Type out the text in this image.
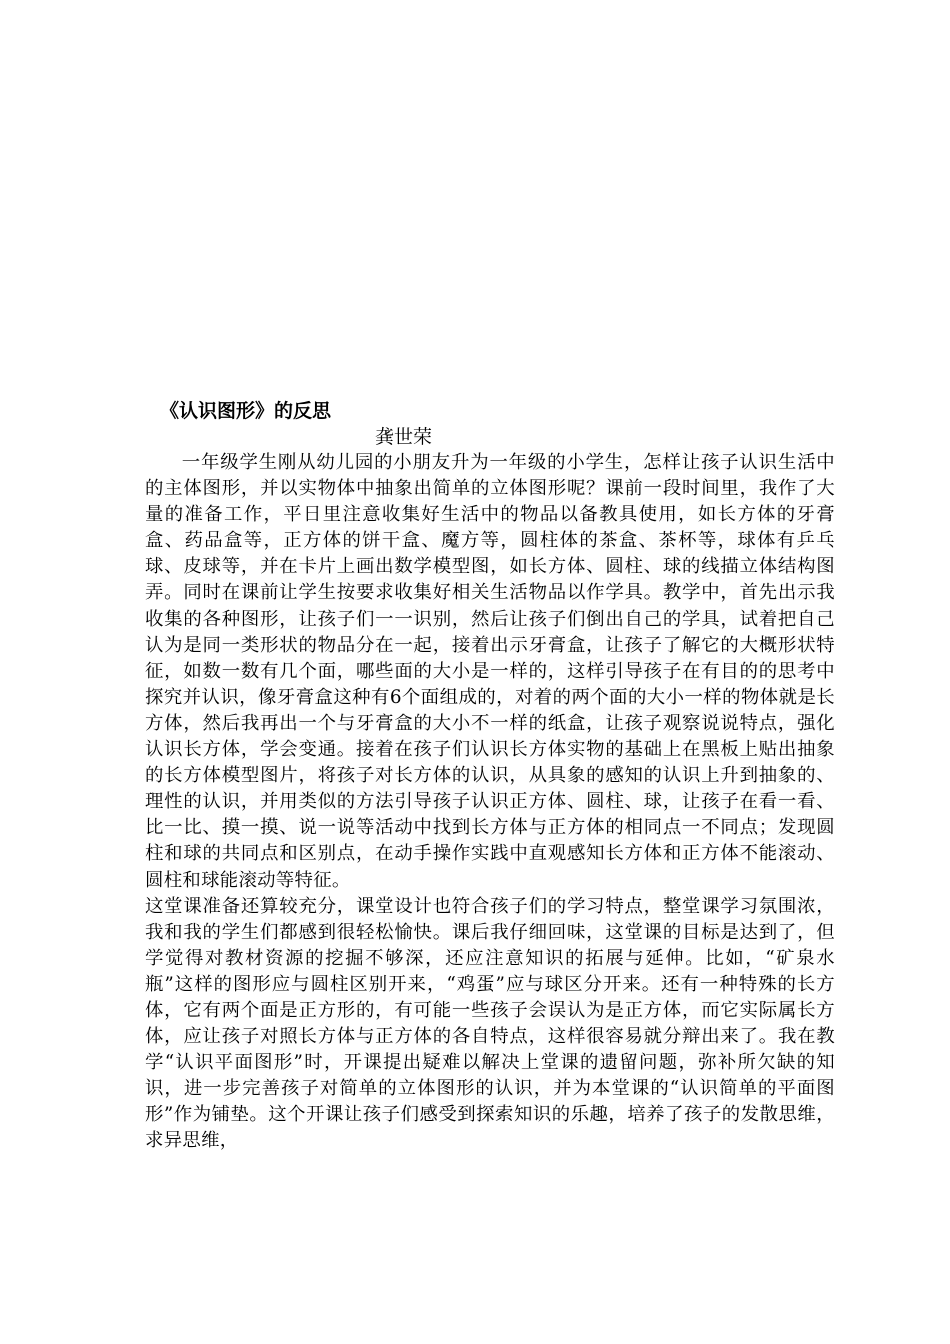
《认识图形》的反思
龚世荣

一年级学生刚从幼儿园的小朋友升为一年级的小学生，怎样让孩子认识生活中的主体图形，并以实物体中抽象出简单的立体图形呢？课前一段时间里，我作了大量的准备工作，平日里注意收集好生活中的物品以备教具使用，如长方体的牙膏盒、药品盒等，正方体的饼干盒、魔方等，圆柱体的茶盒、茶杯等，球体有乒乓球、皮球等，并在卡片上画出数学模型图，如长方体、圆柱、球的线描立体结构图弄。同时在课前让学生按要求收集好相关生活物品以作学具。教学中，首先出示我收集的各种图形，让孩子们一一识别，然后让孩子们倒出自己的学具，试着把自己认为是同一类形状的物品分在一起，接着出示牙膏盒，让孩子了解它的大概形状特征，如数一数有几个面，哪些面的大小是一样的，这样引导孩子在有目的的思考中探究并认识，像牙膏盒这种有6个面组成的，对着的两个面的大小一样的物体就是长方体，然后我再出一个与牙膏盒的大小不一样的纸盒，让孩子观察说说特点，强化认识长方体，学会变通。接着在孩子们认识长方体实物的基础上在黑板上贴出抽象的长方体模型图片，将孩子对长方体的认识，从具象的感知的认识上升到抽象的、理性的认识，并用类似的方法引导孩子认识正方体、圆柱、球，让孩子在看一看、比一比、摸一摸、说一说等活动中找到长方体与正方体的相同点一不同点；发现圆柱和球的共同点和区别点，在动手操作实践中直观感知长方体和正方体不能滚动、圆柱和球能滚动等特征。

这堂课准备还算较充分，课堂设计也符合孩子们的学习特点，整堂课学习氛围浓，我和我的学生们都感到很轻松愉快。课后我仔细回味，这堂课的目标是达到了，但学觉得对教材资源的挖掘不够深，还应注意知识的拓展与延伸。比如，“矿泉水瓶”这样的图形应与圆柱区别开来，“鸡蛋”应与球区分开来。还有一种特殊的长方体，它有两个面是正方形的，有可能一些孩子会误认为是正方体，而它实际属长方体，应让孩子对照长方体与正方体的各自特点，这样很容易就分辩出来了。我在教学“认识平面图形”时，开课提出疑难以解决上堂课的遗留问题，弥补所欠缺的知识，进一步完善孩子对简单的立体图形的认识，并为本堂课的“认识简单的平面图形”作为铺垫。这个开课让孩子们感受到探索知识的乐趣，培养了孩子的发散思维，求异思维，
